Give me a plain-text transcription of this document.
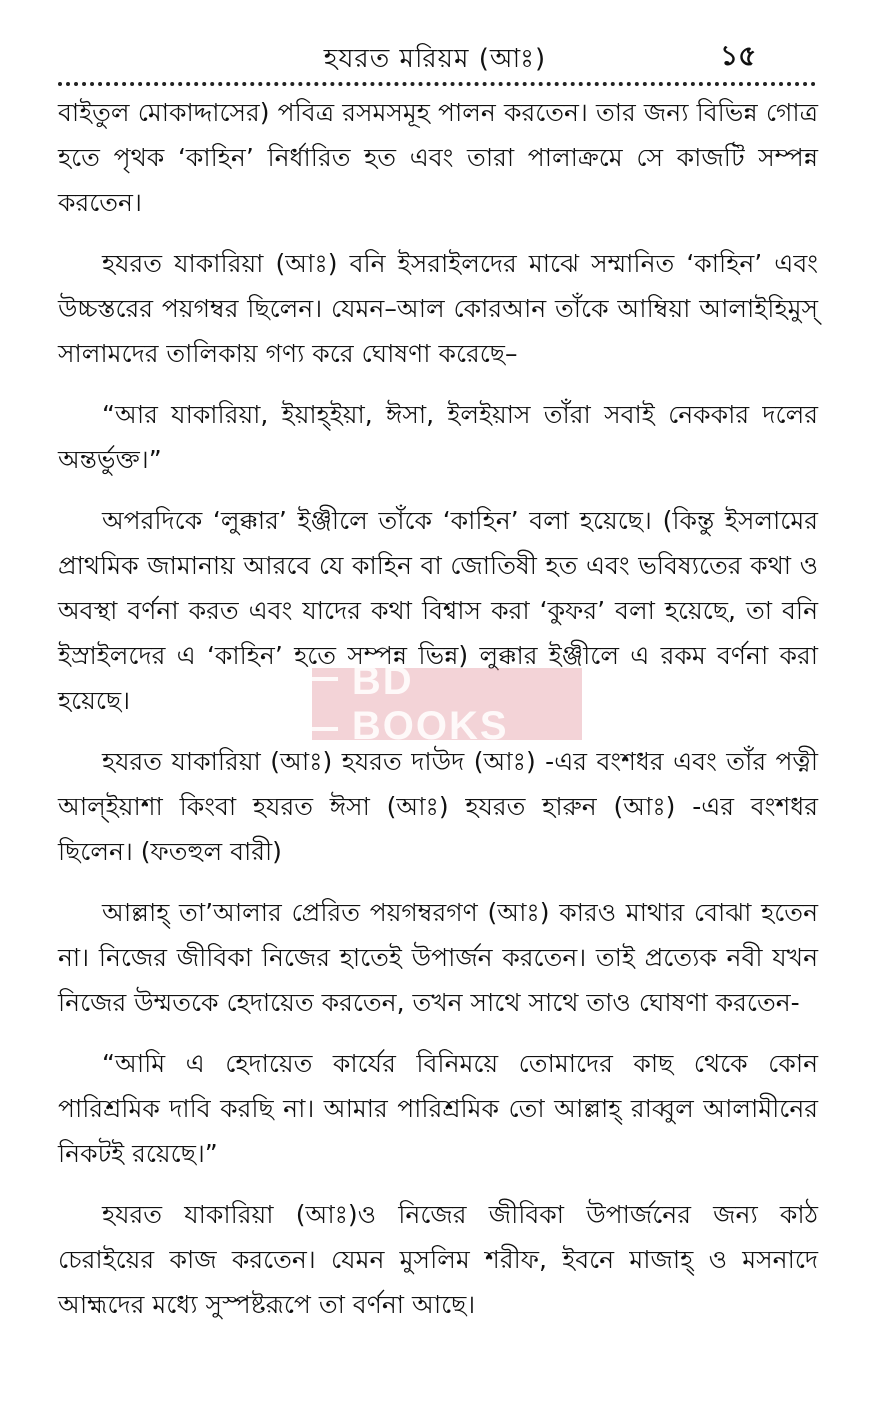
হযরত মরিয়ম (আঃ)	১৫

বাইতুল মোকাদ্দাসের) পবিত্র রসমসমূহ পালন করতেন। তার জন্য বিভিন্ন গোত্র হতে পৃথক ‘কাহিন’ নির্ধারিত হত এবং তারা পালাক্রমে সে কাজটি সম্পন্ন করতেন।

হযরত যাকারিয়া (আঃ) বনি ইসরাইলদের মাঝে সম্মানিত ‘কাহিন’ এবং উচ্চস্তরের পয়গম্বর ছিলেন। যেমন–আল কোরআন তাঁকে আম্বিয়া আলাইহিমুস্ সালামদের তালিকায় গণ্য করে ঘোষণা করেছে–

“আর যাকারিয়া, ইয়াহ্ইয়া, ঈসা, ইলইয়াস তাঁরা সবাই নেককার দলের অন্তর্ভুক্ত।”

অপরদিকে ‘লুক্কার’ ইঞ্জীলে তাঁকে ‘কাহিন’ বলা হয়েছে। (কিন্তু ইসলামের প্রাথমিক জামানায় আরবে যে কাহিন বা জোতিষী হত এবং ভবিষ্যতের কথা ও অবস্থা বর্ণনা করত এবং যাদের কথা বিশ্বাস করা ‘কুফর’ বলা হয়েছে, তা বনি ইস্রাইলদের এ ‘কাহিন’ হতে সম্পন্ন ভিন্ন) লুক্কার ইঞ্জীলে এ রকম বর্ণনা করা হয়েছে।

হযরত যাকারিয়া (আঃ) হযরত দাউদ (আঃ) -এর বংশধর এবং তাঁর পত্নী আল্ইয়াশা কিংবা হযরত ঈসা (আঃ) হযরত হারুন (আঃ) -এর বংশধর ছিলেন। (ফতহুল বারী)

আল্লাহ্ তা’আলার প্রেরিত পয়গম্বরগণ (আঃ) কারও মাথার বোঝা হতেন না। নিজের জীবিকা নিজের হাতেই উপার্জন করতেন। তাই প্রত্যেক নবী যখন নিজের উম্মতকে হেদায়েত করতেন, তখন সাথে সাথে তাও ঘোষণা করতেন-

“আমি এ হেদায়েত কার্যের বিনিময়ে তোমাদের কাছ থেকে কোন পারিশ্রমিক দাবি করছি না। আমার পারিশ্রমিক তো আল্লাহ্ রাব্বুল আলামীনের নিকটই রয়েছে।”

হযরত যাকারিয়া (আঃ)ও নিজের জীবিকা উপার্জনের জন্য কাঠ চেরাইয়ের কাজ করতেন। যেমন মুসলিম শরীফ, ইবনে মাজাহ্ ও মসনাদে আহ্মদের মধ্যে সুস্পষ্টরূপে তা বর্ণনা আছে।

BD BOOKS
